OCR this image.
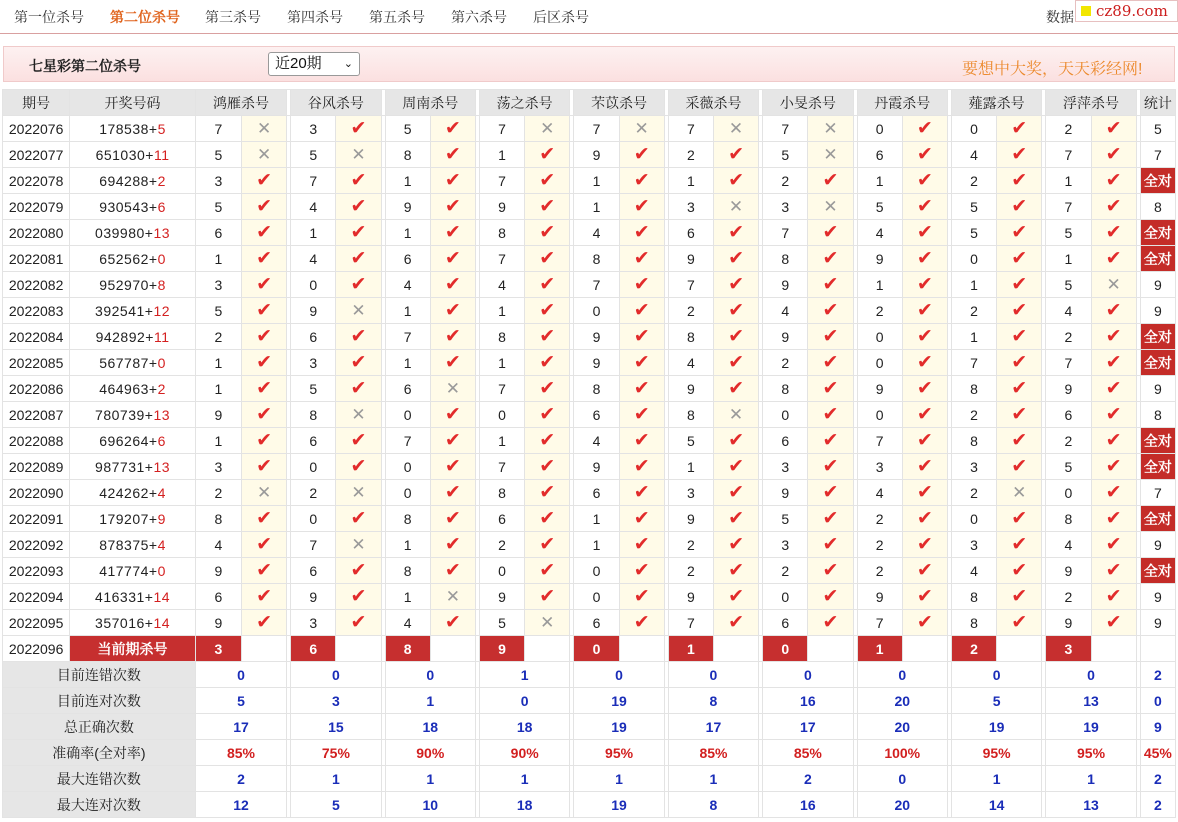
第一位杀号 第二位杀号 第三杀号 第四杀号 第五杀号 第六杀号 后区杀号	数据 cz89.com
七星彩第二位杀号	近20期 ⌄	要想中大奖，天天彩经网!
期号	开奖号码	鸿雁杀号			谷风杀号			周南杀号			荡之杀号			芣苡杀号			采薇杀号			小旻杀号			丹霞杀号			薤露杀号			浮萍杀号			统计
2022076	178538+5	7	✕		3	✔		5	✔		7	✕		7	✕		7	✕		7	✕		0	✔		0	✔		2	✔		5
2022077	651030+11	5	✕		5	✕		8	✔		1	✔		9	✔		2	✔		5	✕		6	✔		4	✔		7	✔		7
2022078	694288+2	3	✔		7	✔		1	✔		7	✔		1	✔		1	✔		2	✔		1	✔		2	✔		1	✔		全对
2022079	930543+6	5	✔		4	✔		9	✔		9	✔		1	✔		3	✕		3	✕		5	✔		5	✔		7	✔		8
2022080	039980+13	6	✔		1	✔		1	✔		8	✔		4	✔		6	✔		7	✔		4	✔		5	✔		5	✔		全对
2022081	652562+0	1	✔		4	✔		6	✔		7	✔		8	✔		9	✔		8	✔		9	✔		0	✔		1	✔		全对
2022082	952970+8	3	✔		0	✔		4	✔		4	✔		7	✔		7	✔		9	✔		1	✔		1	✔		5	✕		9
2022083	392541+12	5	✔		9	✕		1	✔		1	✔		0	✔		2	✔		4	✔		2	✔		2	✔		4	✔		9
2022084	942892+11	2	✔		6	✔		7	✔		8	✔		9	✔		8	✔		9	✔		0	✔		1	✔		2	✔		全对
2022085	567787+0	1	✔		3	✔		1	✔		1	✔		9	✔		4	✔		2	✔		0	✔		7	✔		7	✔		全对
2022086	464963+2	1	✔		5	✔		6	✕		7	✔		8	✔		9	✔		8	✔		9	✔		8	✔		9	✔		9
2022087	780739+13	9	✔		8	✕		0	✔		0	✔		6	✔		8	✕		0	✔		0	✔		2	✔		6	✔		8
2022088	696264+6	1	✔		6	✔		7	✔		1	✔		4	✔		5	✔		6	✔		7	✔		8	✔		2	✔		全对
2022089	987731+13	3	✔		0	✔		0	✔		7	✔		9	✔		1	✔		3	✔		3	✔		3	✔		5	✔		全对
2022090	424262+4	2	✕		2	✕		0	✔		8	✔		6	✔		3	✔		9	✔		4	✔		2	✕		0	✔		7
2022091	179207+9	8	✔		0	✔		8	✔		6	✔		1	✔		9	✔		5	✔		2	✔		0	✔		8	✔		全对
2022092	878375+4	4	✔		7	✕		1	✔		2	✔		1	✔		2	✔		3	✔		2	✔		3	✔		4	✔		9
2022093	417774+0	9	✔		6	✔		8	✔		0	✔		0	✔		2	✔		2	✔		2	✔		4	✔		9	✔		全对
2022094	416331+14	6	✔		9	✔		1	✕		9	✔		0	✔		9	✔		0	✔		9	✔		8	✔		2	✔		9
2022095	357016+14	9	✔		3	✔		4	✔		5	✕		6	✔		7	✔		6	✔		7	✔		8	✔		9	✔		9
2022096	当前期杀号	3			6			8			9			0			1			0			1			2			3			
目前连错次数		0			0			0			1			0			0			0			0			0			0			2
目前连对次数		5			3			1			0			19			8			16			20			5			13			0
总正确次数		17			15			18			18			19			17			17			20			19			19			9
准确率(全对率)		85%			75%			90%			90%			95%			85%			85%			100%			95%			95%			45%
最大连错次数		2			1			1			1			1			1			2			0			1			1			2
最大连对次数		12			5			10			18			19			8			16			20			14			13			2
